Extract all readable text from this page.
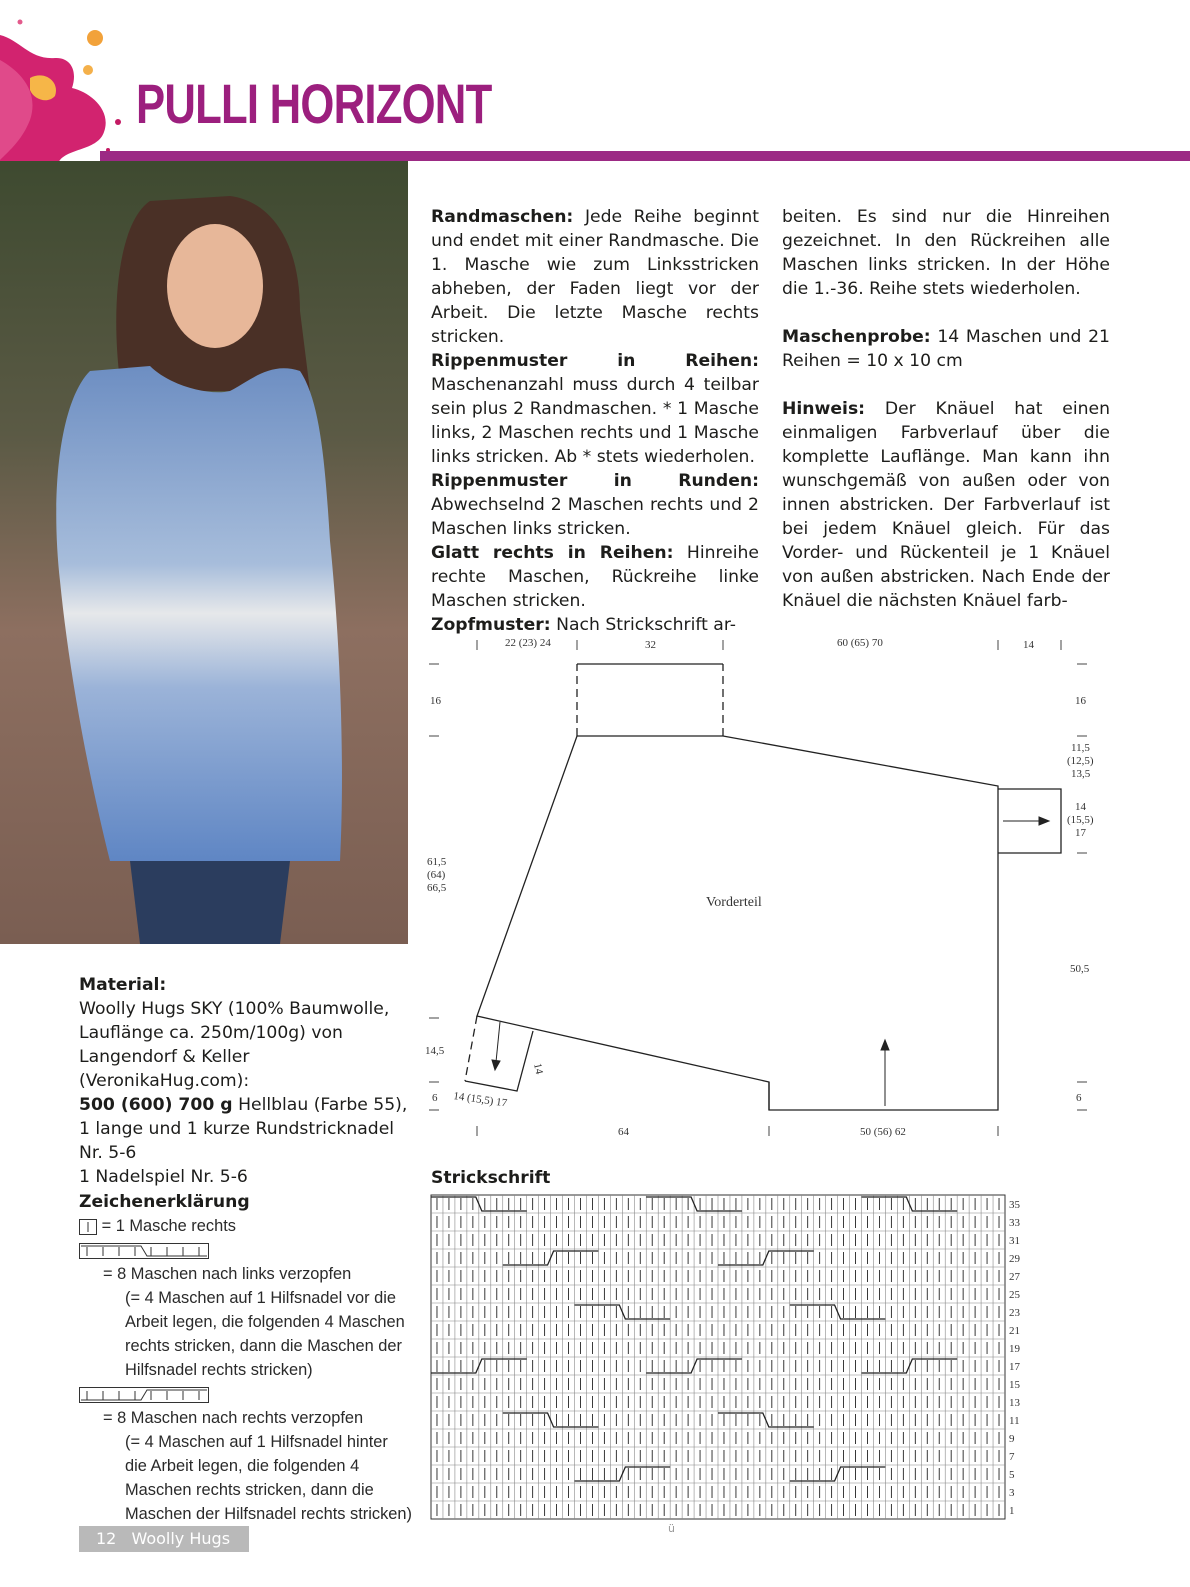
PULLI HORIZONT

Randmaschen: Jede Reihe beginnt und endet mit einer Randmasche. Die 1. Masche wie zum Linksstricken abheben, der Faden liegt vor der Arbeit. Die letzte Masche rechts stricken.

Rippenmuster in Reihen: Maschenanzahl muss durch 4 teilbar sein plus 2 Randmaschen. * 1 Masche links, 2 Maschen rechts und 1 Masche links stricken. Ab * stets wiederholen.

Rippenmuster in Runden: Abwechselnd 2 Maschen rechts und 2 Maschen links stricken.

Glatt rechts in Reihen: Hinreihe rechte Maschen, Rückreihe linke Maschen stricken.

Zopfmuster: Nach Strickschrift ar-

beiten. Es sind nur die Hinreihen gezeichnet. In den Rückreihen alle Maschen links stricken. In der Höhe die 1.-36. Reihe stets wiederholen.

Maschenprobe: 14 Maschen und 21 Reihen = 10 x 10 cm

Hinweis: Der Knäuel hat einen einmaligen Farbverlauf über die komplette Lauflänge. Man kann ihn wunschgemäß von außen oder von innen abstricken. Der Farbverlauf ist bei jedem Knäuel gleich. Für das Vorder- und Rückenteil je 1 Knäuel von außen abstricken. Nach Ende der Knäuel die nächsten Knäuel farb-

Material:

Woolly Hugs SKY (100% Baumwolle, Lauflänge ca. 250m/100g) von Langendorf & Keller (VeronikaHug.com):

500 (600) 700 g Hellblau (Farbe 55), 1 lange und 1 kurze Rundstricknadel Nr. 5-6

1 Nadelspiel Nr. 5-6

Zeichenerklärung
= 1 Masche rechts
= 8 Maschen nach links verzopfen
(= 4 Maschen auf 1 Hilfsnadel vor die Arbeit legen, die folgenden 4 Maschen rechts stricken, dann die Maschen der Hilfsnadel rechts stricken)
= 8 Maschen nach rechts verzopfen
(= 4 Maschen auf 1 Hilfsnadel hinter die Arbeit legen, die folgenden 4 Maschen rechts stricken, dann die Maschen der Hilfsnadel rechts stricken)
22 (23) 24	32	60 (65) 70	14
16	16
61,5
(64)
66,5
11,5
(12,5)
13,5
14
(15,5)
17
50,5
14,5
6	6
14 (15,5) 17
14
64	50 (56) 62
Vorderteil
Strickschrift
35
33
31
29
27
25
23
21
19
17
15
13
11
9
7
5
3
1
12 Woolly Hugs
ü
